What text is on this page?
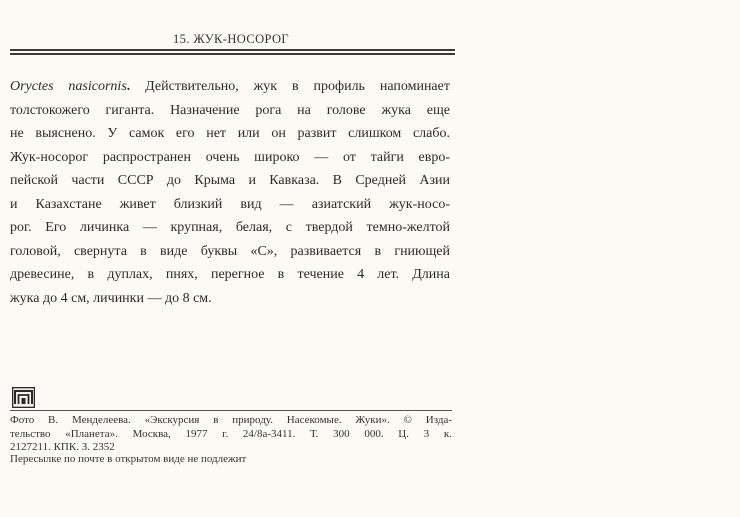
15. ЖУК-НОСОРОГ
Oryctes nasicornis. Действительно, жук в профиль напоминает
толстокожего гиганта. Назначение рога на голове жука еще
не выяснено. У самок его нет или он развит слишком слабо.
Жук-носорог распространен очень широко — от тайги евро-
пейской части СССР до Крыма и Кавказа. В Средней Азии
и Казахстане живет близкий вид — азиатский жук-носо-
рог. Его личинка — крупная, белая, с твердой темно-желтой
головой, свернута в виде буквы «С», развивается в гниющей
древесине, в дуплах, пнях, перегное в течение 4 лет. Длина
жука до 4 см, личинки — до 8 см.
Фото В. Менделеева. «Экскурсия в природу. Насекомые. Жуки». © Изда-
тельство «Планета». Москва, 1977 г. 24/8а-3411. Т. 300 000. Ц. 3 к.
2127211. КПК. З. 2352
Пересылке по почте в открытом виде не подлежит
